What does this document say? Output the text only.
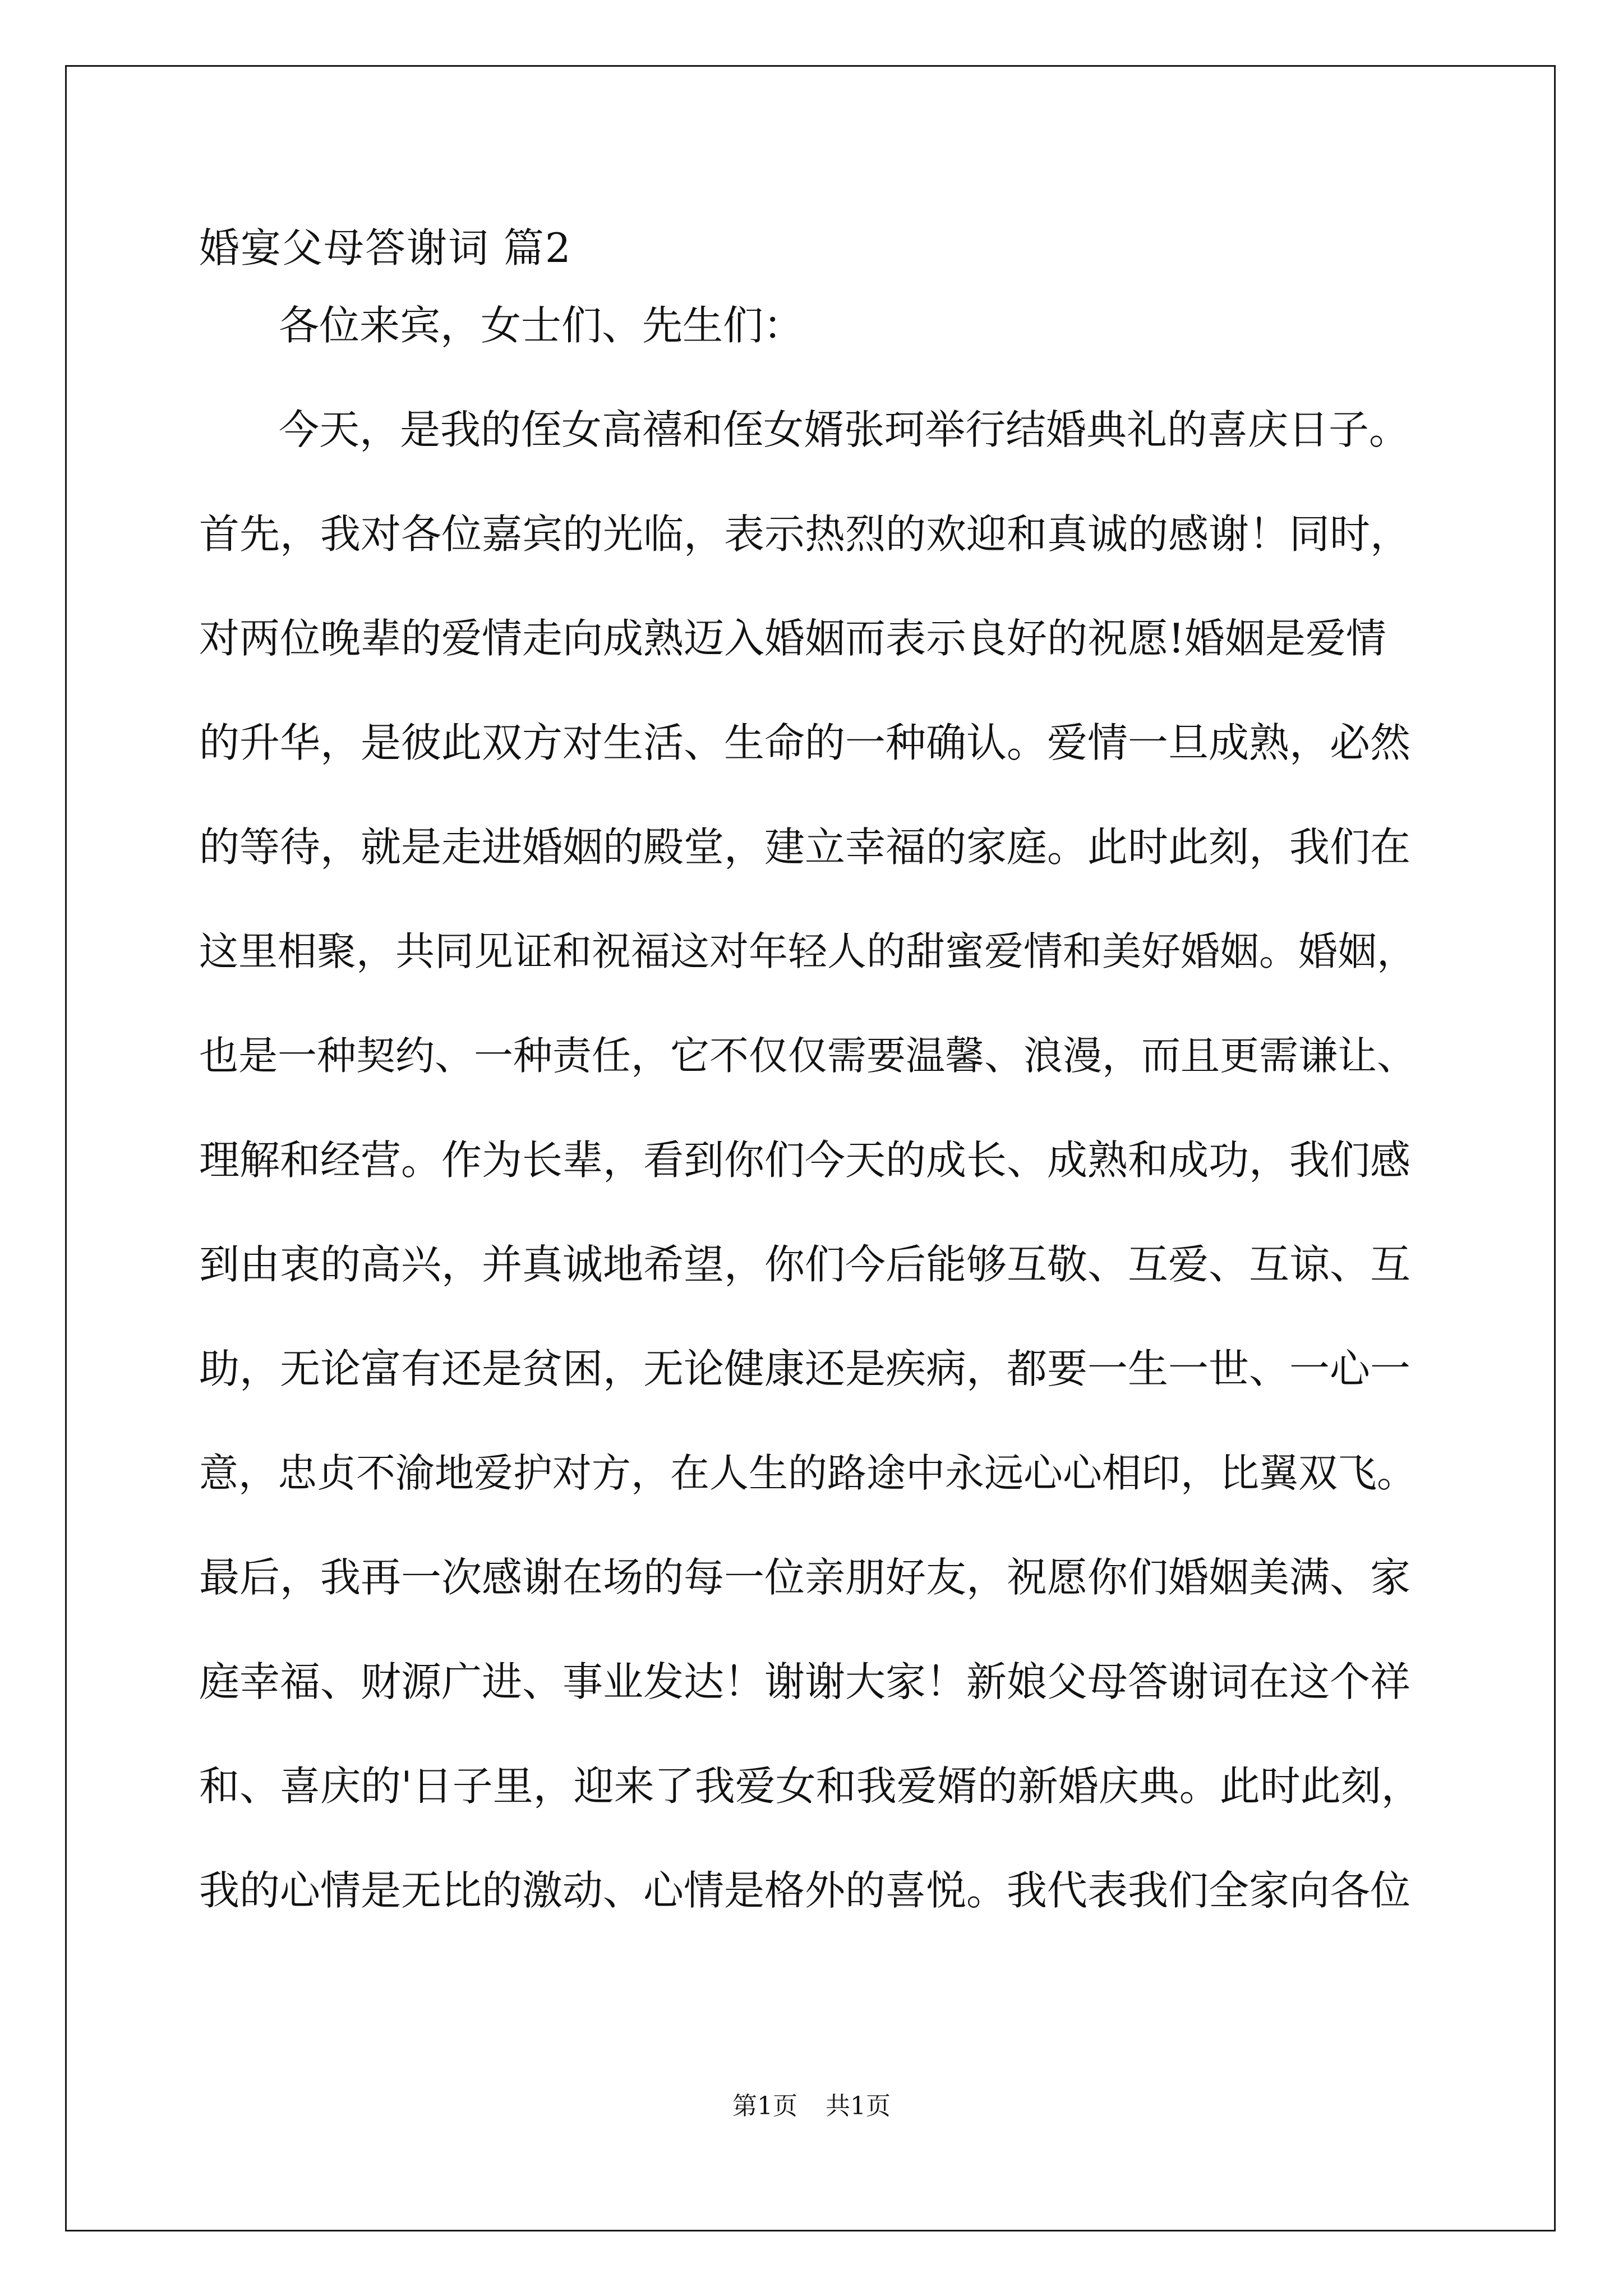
婚宴父母答谢词 篇2
各位来宾，女士们、先生们：
今天，是我的侄女高禧和侄女婿张珂举行结婚典礼的喜庆日子。
首先，我对各位嘉宾的光临，表示热烈的欢迎和真诚的感谢！同时，
对两位晚辈的爱情走向成熟迈入婚姻而表示良好的祝愿!婚姻是爱情
的升华，是彼此双方对生活、生命的一种确认。爱情一旦成熟，必然
的等待，就是走进婚姻的殿堂，建立幸福的家庭。此时此刻，我们在
这里相聚，共同见证和祝福这对年轻人的甜蜜爱情和美好婚姻。婚姻，
也是一种契约、一种责任，它不仅仅需要温馨、浪漫，而且更需谦让、
理解和经营。作为长辈，看到你们今天的成长、成熟和成功，我们感
到由衷的高兴，并真诚地希望，你们今后能够互敬、互爱、互谅、互
助，无论富有还是贫困，无论健康还是疾病，都要一生一世、一心一
意，忠贞不渝地爱护对方，在人生的路途中永远心心相印，比翼双飞。
最后，我再一次感谢在场的每一位亲朋好友，祝愿你们婚姻美满、家
庭幸福、财源广进、事业发达！谢谢大家！新娘父母答谢词在这个祥
和、喜庆的'日子里，迎来了我爱女和我爱婿的新婚庆典。此时此刻，
我的心情是无比的激动、心情是格外的喜悦。我代表我们全家向各位
第1页 共1页
